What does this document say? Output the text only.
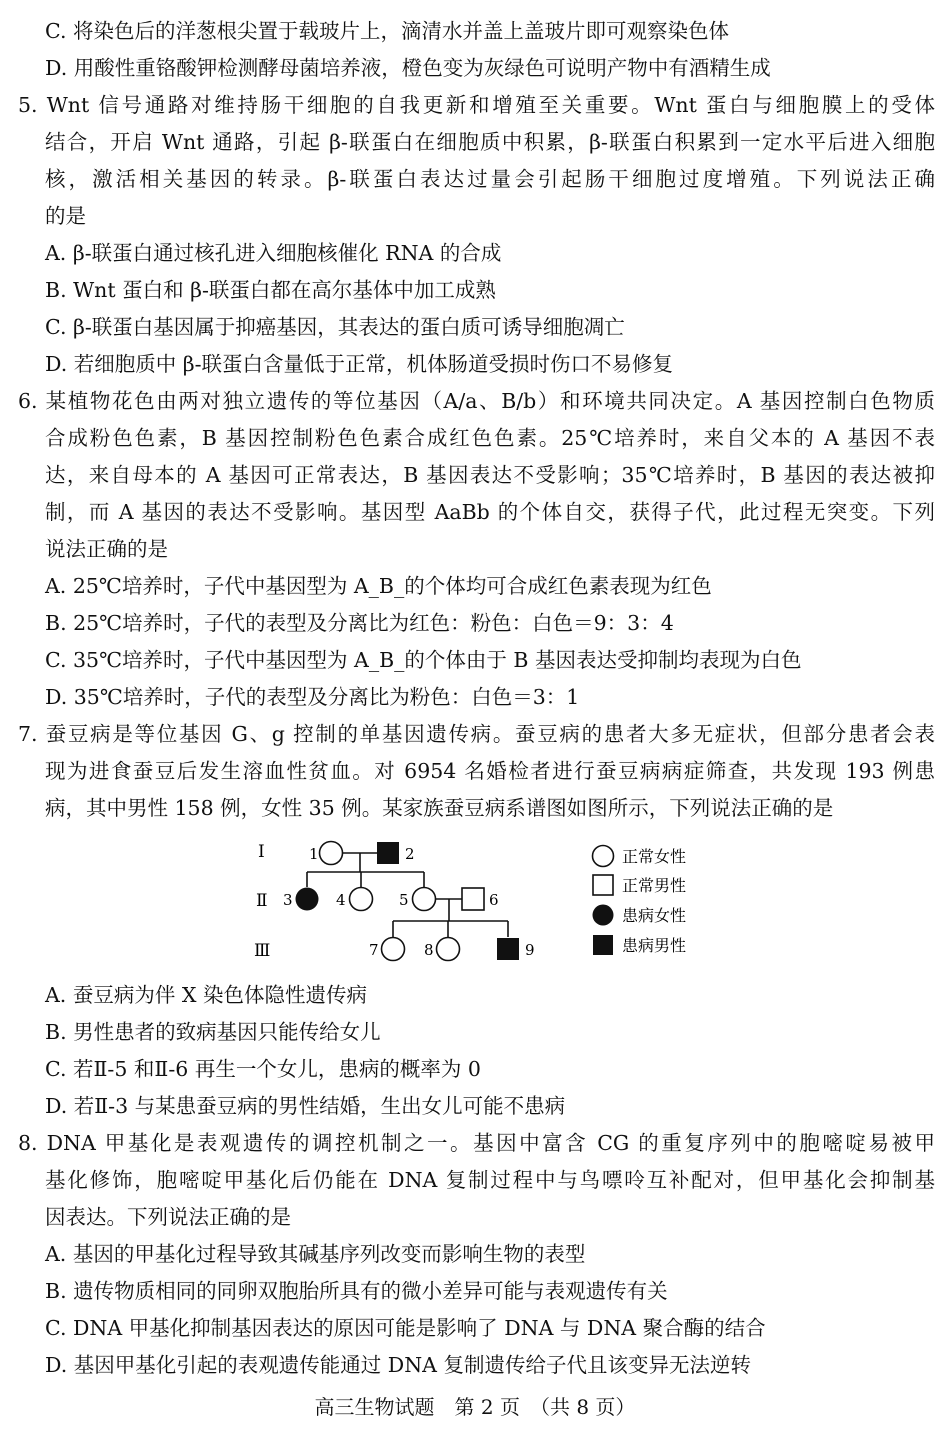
C. 将染色后的洋葱根尖置于载玻片上，滴清水并盖上盖玻片即可观察染色体
D. 用酸性重铬酸钾检测酵母菌培养液，橙色变为灰绿色可说明产物中有酒精生成
5. Wnt 信号通路对维持肠干细胞的自我更新和增殖至关重要。Wnt 蛋白与细胞膜上的受体
结合，开启 Wnt 通路，引起 β-联蛋白在细胞质中积累，β-联蛋白积累到一定水平后进入细胞
核，激活相关基因的转录。β-联蛋白表达过量会引起肠干细胞过度增殖。下列说法正确
的是
A. β-联蛋白通过核孔进入细胞核催化 RNA 的合成
B. Wnt 蛋白和 β-联蛋白都在高尔基体中加工成熟
C. β-联蛋白基因属于抑癌基因，其表达的蛋白质可诱导细胞凋亡
D. 若细胞质中 β-联蛋白含量低于正常，机体肠道受损时伤口不易修复
6. 某植物花色由两对独立遗传的等位基因（A/a、B/b）和环境共同决定。A 基因控制白色物质
合成粉色色素，B 基因控制粉色色素合成红色色素。25℃培养时，来自父本的 A 基因不表
达，来自母本的 A 基因可正常表达，B 基因表达不受影响；35℃培养时，B 基因的表达被抑
制，而 A 基因的表达不受影响。基因型 AaBb 的个体自交，获得子代，此过程无突变。下列
说法正确的是
A. 25℃培养时，子代中基因型为 A_B_的个体均可合成红色素表现为红色
B. 25℃培养时，子代的表型及分离比为红色：粉色：白色＝9：3：4
C. 35℃培养时，子代中基因型为 A_B_的个体由于 B 基因表达受抑制均表现为白色
D. 35℃培养时，子代的表型及分离比为粉色：白色＝3：1
7. 蚕豆病是等位基因 G、g 控制的单基因遗传病。蚕豆病的患者大多无症状，但部分患者会表
现为进食蚕豆后发生溶血性贫血。对 6954 名婚检者进行蚕豆病病症筛查，共发现 193 例患
病，其中男性 158 例，女性 35 例。某家族蚕豆病系谱图如图所示，下列说法正确的是
Ⅰ
Ⅱ
Ⅲ
1	2
3	4	5	6
7	8	9
正常女性
正常男性
患病女性
患病男性
A. 蚕豆病为伴 X 染色体隐性遗传病
B. 男性患者的致病基因只能传给女儿
C. 若Ⅱ-5 和Ⅱ-6 再生一个女儿，患病的概率为 0
D. 若Ⅱ-3 与某患蚕豆病的男性结婚，生出女儿可能不患病
8. DNA 甲基化是表观遗传的调控机制之一。基因中富含 CG 的重复序列中的胞嘧啶易被甲
基化修饰，胞嘧啶甲基化后仍能在 DNA 复制过程中与鸟嘌呤互补配对，但甲基化会抑制基
因表达。下列说法正确的是
A. 基因的甲基化过程导致其碱基序列改变而影响生物的表型
B. 遗传物质相同的同卵双胞胎所具有的微小差异可能与表观遗传有关
C. DNA 甲基化抑制基因表达的原因可能是影响了 DNA 与 DNA 聚合酶的结合
D. 基因甲基化引起的表观遗传能通过 DNA 复制遗传给子代且该变异无法逆转
高三生物试题　第 2 页　（共 8 页）
